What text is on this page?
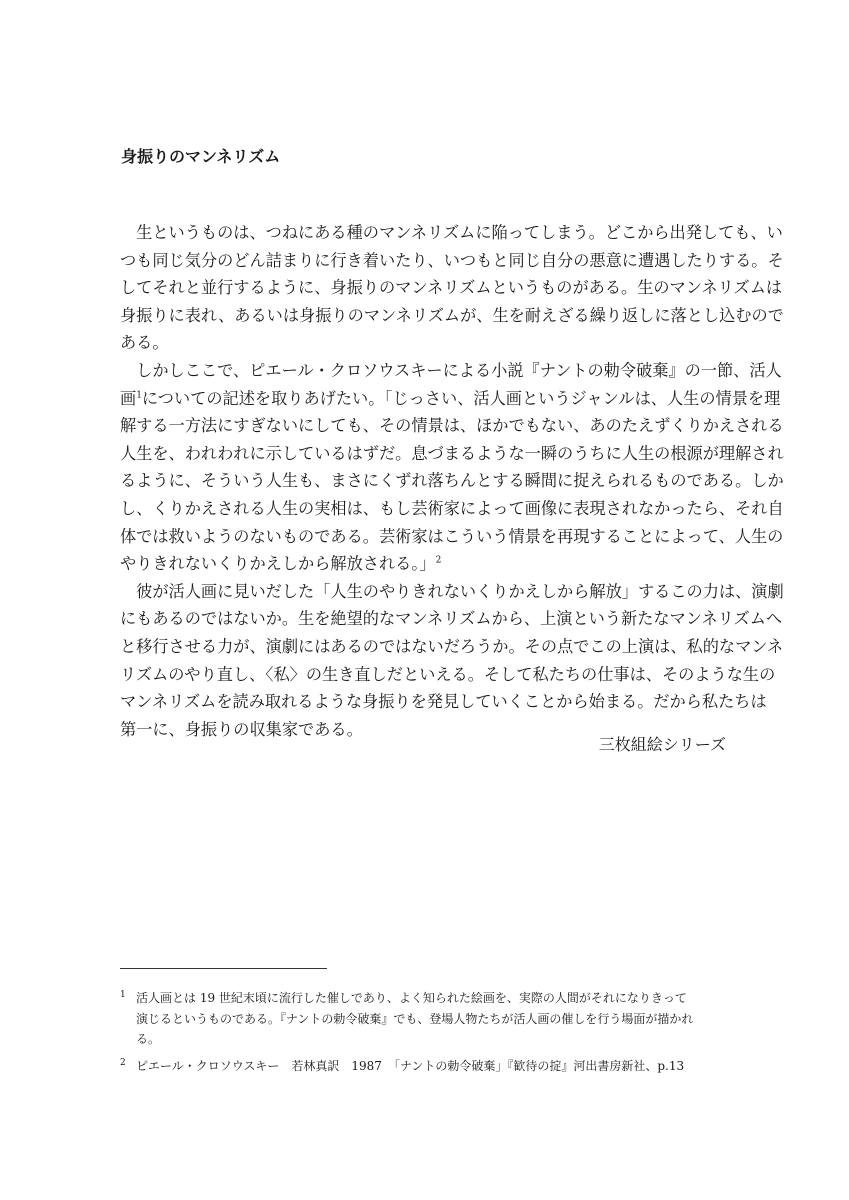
身振りのマンネリズム
　生というものは、つねにある種のマンネリズムに陥ってしまう。どこから出発しても、い
つも同じ気分のどん詰まりに行き着いたり、いつもと同じ自分の悪意に遭遇したりする。そ
してそれと並行するように、身振りのマンネリズムというものがある。生のマンネリズムは
身振りに表れ、あるいは身振りのマンネリズムが、生を耐えざる繰り返しに落とし込むので
ある。
　しかしここで、ピエール・クロソウスキーによる小説『ナントの勅令破棄』の一節、活人
画$^1$についての記述を取りあげたい。「じっさい、活人画というジャンルは、人生の情景を理
解する一方法にすぎないにしても、その情景は、ほかでもない、あのたえずくりかえされる
人生を、われわれに示しているはずだ。息づまるような一瞬のうちに人生の根源が理解され
るように、そういう人生も、まさにくずれ落ちんとする瞬間に捉えられるものである。しか
し、くりかえされる人生の実相は、もし芸術家によって画像に表現されなかったら、それ自
体では救いようのないものである。芸術家はこういう情景を再現することによって、人生の
やりきれないくりかえしから解放される。」$^2$
　彼が活人画に見いだした「人生のやりきれないくりかえしから解放」するこの力は、演劇
にもあるのではないか。生を絶望的なマンネリズムから、上演という新たなマンネリズムへ
と移行させる力が、演劇にはあるのではないだろうか。その点でこの上演は、私的なマンネ
リズムのやり直し、〈私〉の生き直しだといえる。そして私たちの仕事は、そのような生の
マンネリズムを読み取れるような身振りを発見していくことから始まる。だから私たちは
第一に、身振りの収集家である。
三枚組絵シリーズ
1 活人画とは 19 世紀末頃に流行した催しであり、よく知られた絵画を、実際の人間がそれになりきって
演じるというものである。『ナントの勅令破棄』でも、登場人物たちが活人画の催しを行う場面が描かれ
る。
2 ピエール・クロソウスキー　若林真訳　1987　「ナントの勅令破棄」『歓待の掟』河出書房新社、p.13
